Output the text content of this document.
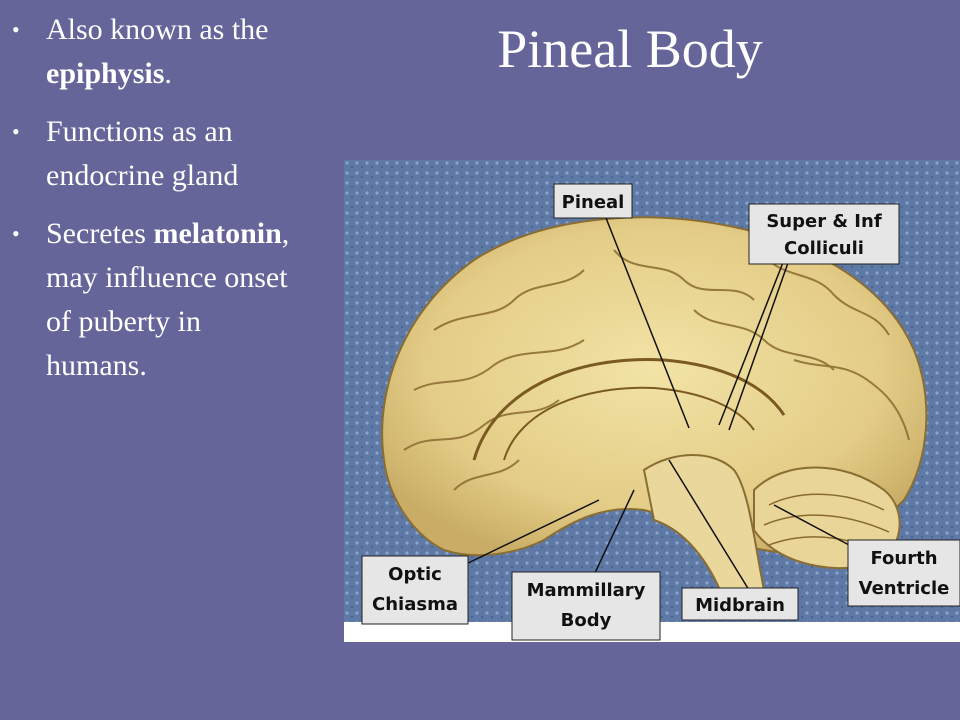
Pineal Body
• Also known as the epiphysis.
• Functions as an endocrine gland
• Secretes melatonin, may influence onset of puberty in humans.
Pineal
Super & Inf
Colliculi
Optic
Chiasma
Mammillary
Body
Midbrain
Fourth
Ventricle
